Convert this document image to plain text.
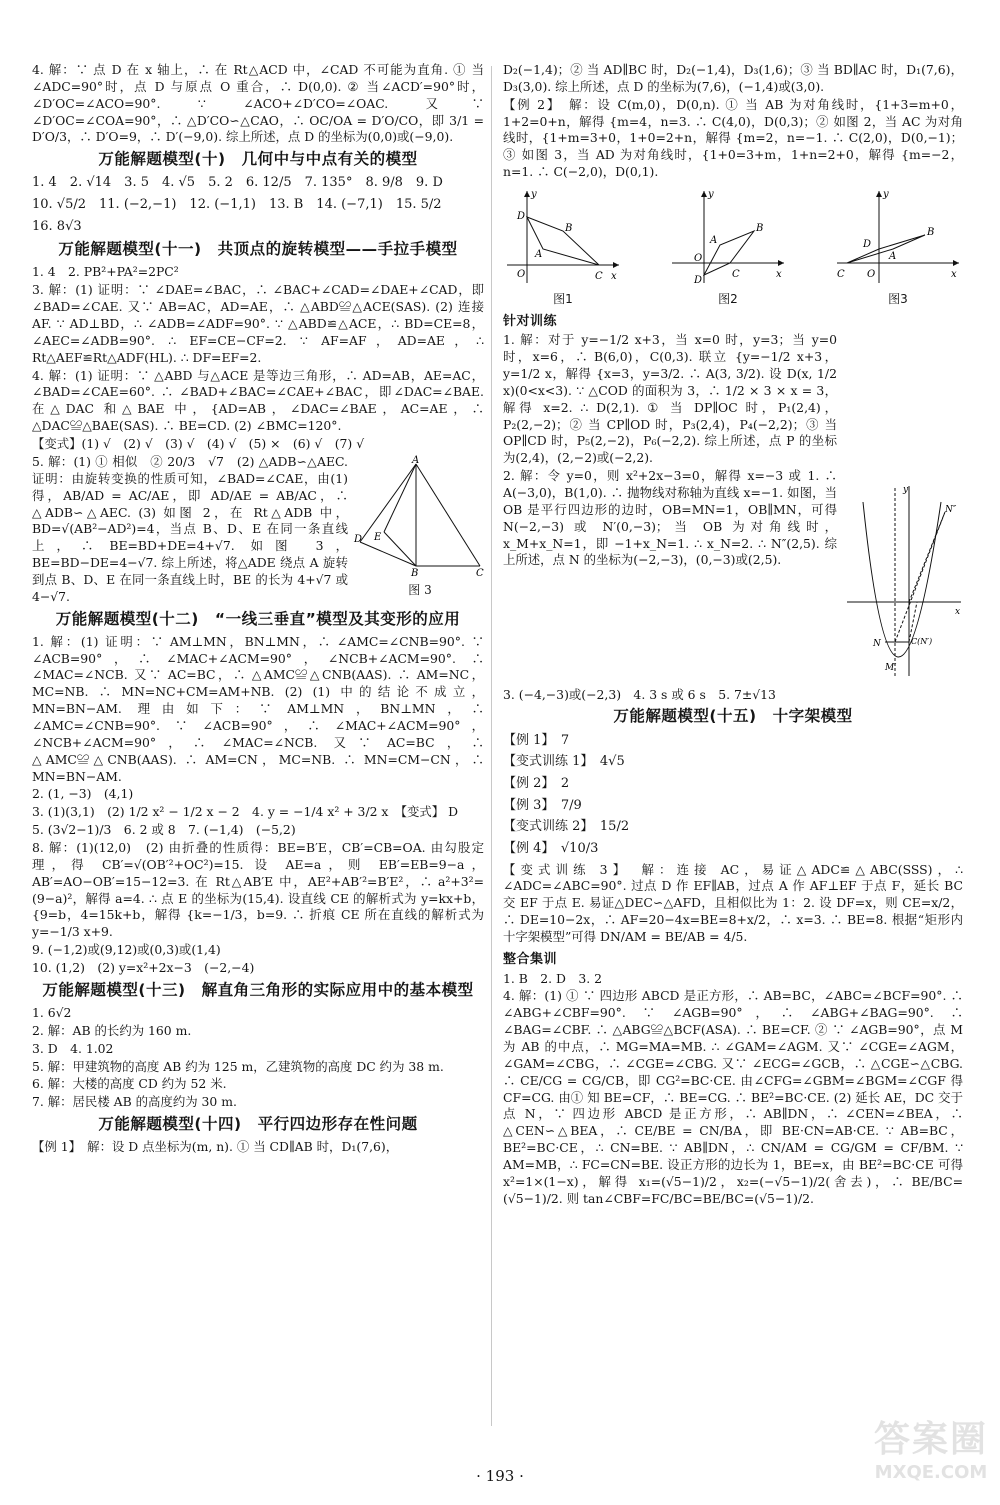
4. 解：∵ 点 D 在 x 轴上，∴ 在 Rt△ACD 中，∠CAD 不可能为直角. ① 当∠ADC=90°时，点 D 与原点 O 重合，∴ D(0,0). ② 当∠ACD′=90°时，∠D′OC=∠ACO=90°. ∵ ∠ACO+∠D′CO=∠OAC. 又∵ ∠D′OC=∠COA=90°，∴ △D′CO∽△CAO，∴ OC/OA = D′O/CO，即 3/1 = D′O/3，∴ D′O=9，∴ D′(−9,0). 综上所述，点 D 的坐标为(0,0)或(−9,0).

万能解题模型(十)　几何中与中点有关的模型

1. 4　2. √14　3. 5　4. √5　5. 2　6. 12/5　7. 135°　8. 9/8　9. D

10. √5/2　11. (−2,−1)　12. (−1,1)　13. B　14. (−7,1)　15. 5/2

16. 8√3

万能解题模型(十一)　共顶点的旋转模型——手拉手模型

1. 4　2. PB²+PA²=2PC²

3. 解：(1) 证明：∵ ∠DAE=∠BAC，∴ ∠BAC+∠CAD=∠DAE+∠CAD，即∠BAD=∠CAE. 又∵ AB=AC，AD=AE，∴ △ABD≌△ACE(SAS). (2) 连接 AF. ∵ AD⊥BD，∴ ∠ADB=∠ADF=90°. ∵ △ABD≌△ACE，∴ BD=CE=8，∠AEC=∠ADB=90°. ∴ EF=CE−CF=2. ∵ AF=AF，AD=AE，∴ Rt△AEF≌Rt△ADF(HL). ∴ DF=EF=2.

4. 解：(1) 证明：∵ △ABD 与△ACE 是等边三角形，∴ AD=AB，AE=AC，∠BAD=∠CAE=60°. ∴ ∠BAD+∠BAC=∠CAE+∠BAC，即∠DAC=∠BAE. 在△DAC 和△BAE 中，{AD=AB，∠DAC=∠BAE，AC=AE，∴ △DAC≌△BAE(SAS). ∴ BE=CD. (2) ∠BMC=120°.

【变式】(1) √　(2) √　(3) √　(4) √　(5) ×　(6) √　(7) √

A
D E
B	C
图 3

5. 解：(1) ① 相似　② 20/3　√7　(2) △ADB∽△AEC. 证明：由旋转变换的性质可知，∠BAD=∠CAE，由(1)得，AB/AD = AC/AE，即 AD/AE = AB/AC，∴ △ADB∽△AEC. (3) 如图 2，在 Rt△ADB 中，BD=√(AB²−AD²)=4，当点 B、D、E 在同一条直线上，∴ BE=BD+DE=4+√7. 如图 3，BE=BD−DE=4−√7. 综上所述，将△ADE 绕点 A 旋转到点 B、D、E 在同一条直线上时，BE 的长为 4+√7 或 4−√7.

万能解题模型(十二)　“一线三垂直”模型及其变形的应用

1. 解：(1) 证明：∵ AM⊥MN，BN⊥MN，∴ ∠AMC=∠CNB=90°. ∵ ∠ACB=90°，∴ ∠MAC+∠ACM=90°，∠NCB+∠ACM=90°. ∴ ∠MAC=∠NCB. 又∵ AC=BC，∴ △AMC≌△CNB(AAS). ∴ AM=NC，MC=NB. ∴ MN=NC+CM=AM+NB. (2) (1) 中的结论不成立，MN=BN−AM. 理由如下：∵ AM⊥MN，BN⊥MN，∴ ∠AMC=∠CNB=90°. ∵ ∠ACB=90°，∴ ∠MAC+∠ACM=90°，∠NCB+∠ACM=90°，∴ ∠MAC=∠NCB. 又∵ AC=BC，∴ △AMC≌△CNB(AAS). ∴ AM=CN，MC=NB. ∴ MN=CM−CN，∴ MN=BN−AM.

2. (1, −3)　(4,1)

3. (1)(3,1)　(2) 1/2 x² − 1/2 x − 2　4. y = −1/4 x² + 3/2 x　【变式】 D

5. (3√2−1)/3　6. 2 或 8　7. (−1,4)　(−5,2)

8. 解：(1)(12,0)　(2) 由折叠的性质得：BE=B′E，CB′=CB=OA. 由勾股定理，得 CB′=√(OB′²+OC²)=15. 设 AE=a，则 EB′=EB=9−a，AB′=AO−OB′=15−12=3. 在 Rt△AB′E 中，AE²+AB′²=B′E²，∴ a²+3²=(9−a)²，解得 a=4. ∴ 点 E 的坐标为(15,4). 设直线 CE 的解析式为 y=kx+b，{9=b，4=15k+b，解得 {k=−1/3，b=9. ∴ 折痕 CE 所在直线的解析式为 y=−1/3 x+9.

9. (−1,2)或(9,12)或(0,3)或(1,4)

10. (1,2)　(2) y=x²+2x−3　(−2,−4)

万能解题模型(十三)　解直角三角形的实际应用中的基本模型

1. 6√2

2. 解：AB 的长约为 160 m.

3. D　4. 1.02

5. 解：甲建筑物的高度 AB 约为 125 m，乙建筑物的高度 DC 约为 38 m.

6. 解：大楼的高度 CD 约为 52 米.

7. 解：居民楼 AB 的高度约为 30 m.

万能解题模型(十四)　平行四边形存在性问题

【例 1】　解：设 D 点坐标为(m, n). ① 当 CD∥AB 时，D₁(7,6)，

D₂(−1,4)；② 当 AD∥BC 时，D₂(−1,4)，D₃(1,6)；③ 当 BD∥AC 时，D₁(7,6)，D₃(3,0). 综上所述，点 D 的坐标为(7,6)，(−1,4)或(3,0).

【例 2】　解：设 C(m,0)，D(0,n). ① 当 AB 为对角线时，{1+3=m+0，1+2=0+n，解得 {m=4，n=3. ∴ C(4,0)，D(0,3)；② 如图 2，当 AC 为对角线时，{1+m=3+0，1+0=2+n，解得 {m=2，n=−1. ∴ C(2,0)，D(0,−1)；③ 如图 3，当 AD 为对角线时，{1+0=3+m，1+n=2+0，解得 {m=−2，n=1. ∴ C(−2,0)，D(0,1).

D
B
A
O	C x
y
图1
A
B
O
C
D
x
y
图2
D
B
A
C O	x
y
图3
针对训练
y
x
N″
C(N′)
N
M′

1. 解：对于 y=−1/2 x+3，当 x=0 时，y=3；当 y=0 时，x=6，∴ B(6,0)，C(0,3). 联立 {y=−1/2 x+3，y=1/2 x，解得 {x=3，y=3/2. ∴ A(3, 3/2). 设 D(x, 1/2 x)(0<x<3). ∵ △COD 的面积为 3，∴ 1/2 × 3 × x = 3，解得 x=2. ∴ D(2,1). ① 当 DP∥OC 时，P₁(2,4)，P₂(2,−2)；② 当 CP∥OD 时，P₃(2,4)，P₄(−2,2)；③ 当 OP∥CD 时，P₅(2,−2)，P₆(−2,2). 综上所述，点 P 的坐标为(2,4)，(2,−2)或(−2,2).

2. 解：令 y=0，则 x²+2x−3=0，解得 x=−3 或 1. ∴ A(−3,0)，B(1,0). ∴ 抛物线对称轴为直线 x=−1. 如图，当 OB 是平行四边形的边时，OB=MN=1，OB∥MN，可得 N(−2,−3) 或 N′(0,−3)；当 OB 为对角线时，x_M+x_N=1，即 −1+x_N=1. ∴ x_N=2. ∴ N″(2,5). 综上所述，点 N 的坐标为(−2,−3)，(0,−3)或(2,5).

3. (−4,−3)或(−2,3)　4. 3 s 或 6 s　5. 7±√13

万能解题模型(十五)　十字架模型

【例 1】　7

【变式训练 1】　4√5

【例 2】　2

【例 3】　7/9

【变式训练 2】　15/2

【例 4】　√10/3

【变式训练 3】　解：连接 AC，易证△ADC≌△ABC(SSS)，∴ ∠ADC=∠ABC=90°. 过点 D 作 EF∥AB，过点 A 作 AF⊥EF 于点 F，延长 BC 交 EF 于点 E. 易证△DEC∽△AFD，且相似比为 1：2. 设 DF=x，则 CE=x/2，∴ DE=10−2x，∴ AF=20−4x=BE=8+x/2，∴ x=3. ∴ BE=8. 根据“矩形内十字架模型”可得 DN/AM = BE/AB = 4/5.

整合集训

1. B　2. D　3. 2

4. 解：(1) ① ∵ 四边形 ABCD 是正方形，∴ AB=BC，∠ABC=∠BCF=90°. ∴ ∠ABG+∠CBF=90°. ∵ ∠AGB=90°，∴ ∠ABG+∠BAG=90°. ∴ ∠BAG=∠CBF. ∴ △ABG≌△BCF(ASA). ∴ BE=CF. ② ∵ ∠AGB=90°，点 M 为 AB 的中点，∴ MG=MA=MB. ∴ ∠GAM=∠AGM. 又∵ ∠CGE=∠AGM，∠GAM=∠CBG，∴ ∠CGE=∠CBG. 又∵ ∠ECG=∠GCB，∴ △CGE∽△CBG. ∴ CE/CG = CG/CB，即 CG²=BC·CE. 由∠CFG=∠GBM=∠BGM=∠CGF 得 CF=CG. 由① 知 BE=CF，∴ BE=CG. ∴ BE²=BC·CE. (2) 延长 AE，DC 交于点 N，∵ 四边形 ABCD 是正方形，∴ AB∥DN，∴ ∠CEN=∠BEA，∴ △CEN∽△BEA，∴ CE/BE = CN/BA，即 BE·CN=AB·CE. ∵ AB=BC，BE²=BC·CE，∴ CN=BE. ∵ AB∥DN，∴ CN/AM = CG/GM = CF/BM. ∵ AM=MB，∴ FC=CN=BE. 设正方形的边长为 1，BE=x，由 BE²=BC·CE 可得 x²=1×(1−x)，解得 x₁=(√5−1)/2，x₂=(−√5−1)/2(舍去)，∴ BE/BC=(√5−1)/2. 则 tan∠CBF=FC/BC=BE/BC=(√5−1)/2.

· 193 ·
答案圈
MXQE.COM
